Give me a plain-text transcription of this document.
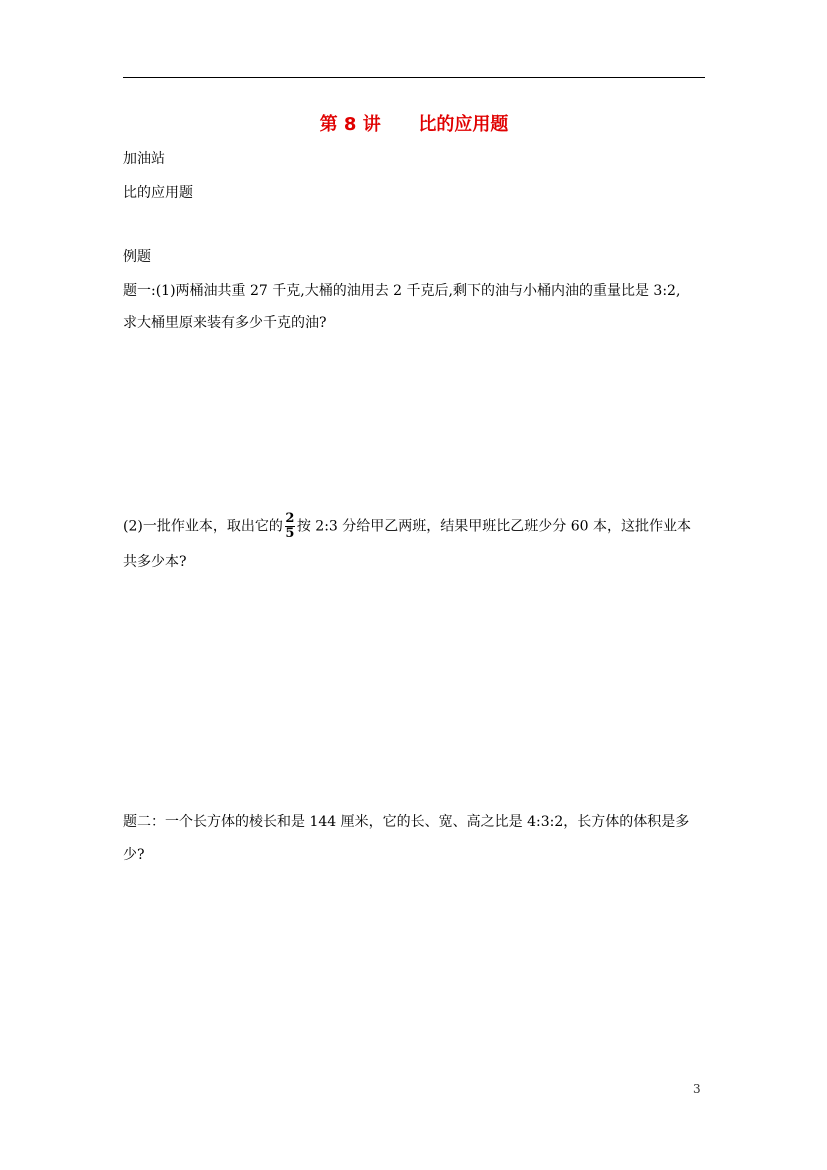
第 8 讲      比的应用题
加油站
比的应用题
例题
题一:(1)两桶油共重 27 千克,大桶的油用去 2 千克后,剩下的油与小桶内油的重量比是 3:2,
求大桶里原来装有多少千克的油?
(2)一批作业本，取出它的 $\frac{2}{5}$ 按 2:3 分给甲乙两班，结果甲班比乙班少分 60 本，这批作业本
共多少本?
题二：一个长方体的棱长和是 144 厘米，它的长、宽、高之比是 4:3:2，长方体的体积是多
少?
3
